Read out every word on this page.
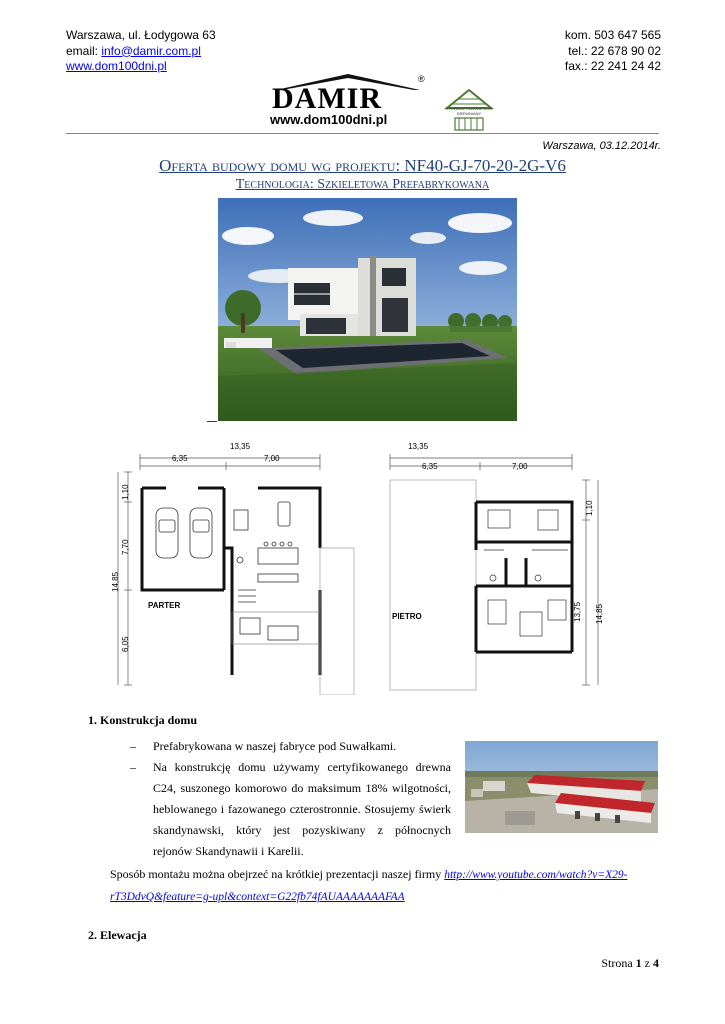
Warszawa, ul. Łodygowa 63
email: info@damir.com.pl
www.dom100dni.pl
kom. 503 647 565
tel.: 22 678 90 02
fax.: 22 241 24 42
DAMIR
®
www.dom100dni.pl
STOWARZYSZENIE DOM DREWNIANY
Warszawa, 03.12.2014r.
Oferta budowy domu wg projektu: NF40-GJ-70-20-2G-V6
Technologia: Szkieletowa Prefabrykowana
13,35
6,35	7,00
1,10
7,70
14,85
6,05
13,35
6,35	7,00
1,10
13,75 14,85
PARTER
PIETRO
1. Konstrukcja domu
– Prefabrykowana w naszej fabryce pod Suwałkami.
– Na konstrukcję domu używamy certyfikowanego drewna
C24, suszonego komorowo do maksimum 18% wilgotności,
heblowanego i fazowanego czterostronnie. Stosujemy świerk
skandynawski, który jest pozyskiwany z północnych
rejonów Skandynawii i Karelii.
Sposób montażu można obejrzeć na krótkiej prezentacji naszej firmy http://www.youtube.com/watch?v=X29-
rT3DdvQ&feature=g-upl&context=G22fb74fAUAAAAAAAFAA
2. Elewacja
Strona 1 z 4
